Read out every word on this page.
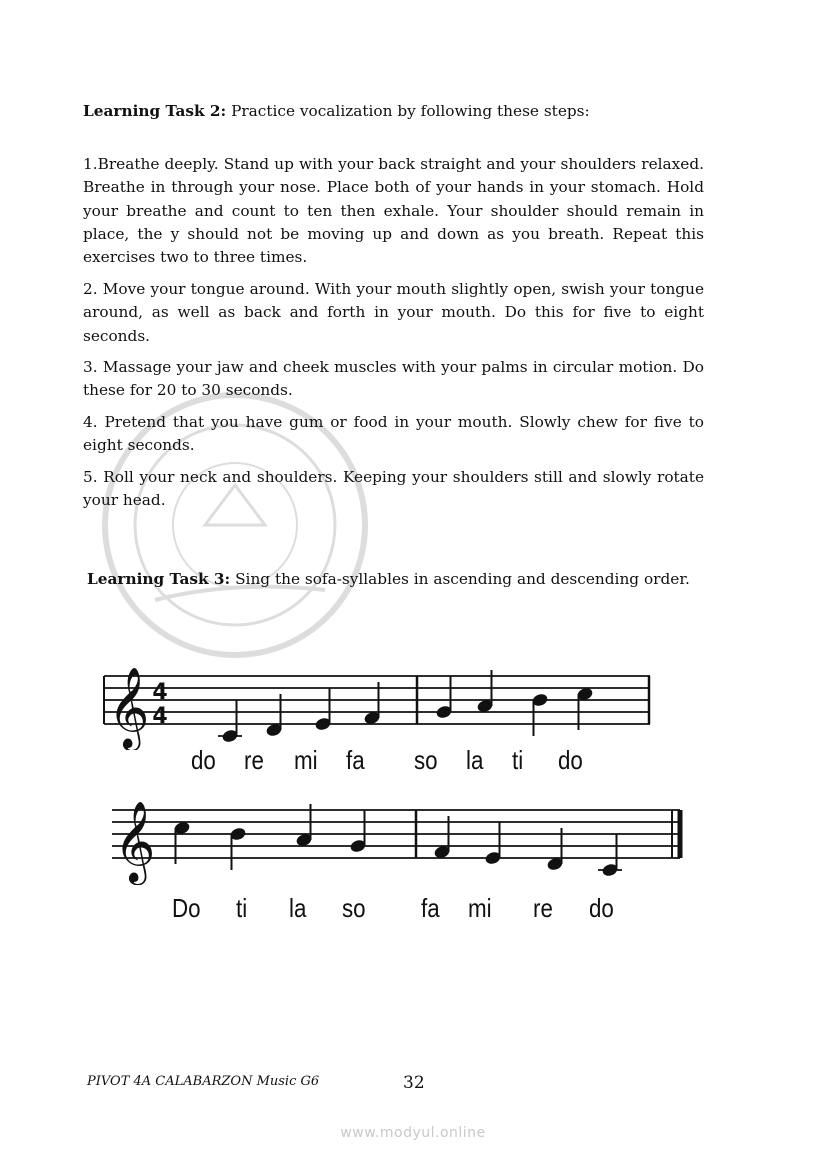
Learning Task 2: Practice vocalization by following these steps:

1.Breathe deeply. Stand up with your back straight and your shoulders relaxed. Breathe in through your nose. Place both of your hands in your stomach. Hold your breathe and count to ten then exhale. Your shoulder should remain in place, the y should not be moving up and down as you breath. Repeat this exercises two to three times.

2. Move your tongue around. With your mouth slightly open, swish your tongue around, as well as back and forth in your mouth. Do this for five to eight seconds.

3. Massage your jaw and cheek muscles with your palms in circular motion. Do these for 20 to 30 seconds.

4. Pretend that you have gum or food in your mouth. Slowly chew for five to eight seconds.

5. Roll your neck and shoulders. Keeping your shoulders still and slowly rotate your head.

Learning Task 3: Sing the sofa-syllables in ascending and descending order.

𝄞 4
4
do re mi fa so la ti do
𝄞
Do ti la so fa mi re do
PIVOT 4A CALABARZON Music G6	32
www.modyul.online
